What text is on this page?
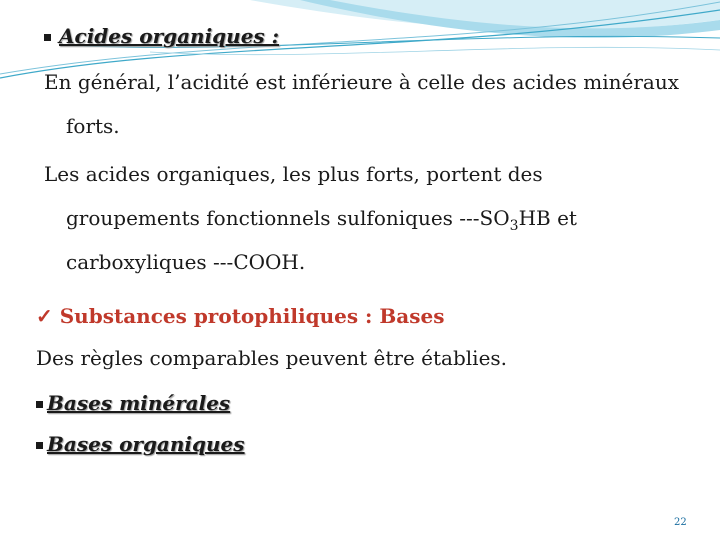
Acides organiques :
En général, l’acidité est inférieure à celle des acides minéraux
forts.
Les acides organiques, les plus forts, portent des
groupements fonctionnels sulfoniques $---SO_3HB$ et
carboxyliques ---COOH.
✓ Substances protophiliques : Bases
Des règles comparables peuvent être établies.
Bases minérales
Bases organiques
22
